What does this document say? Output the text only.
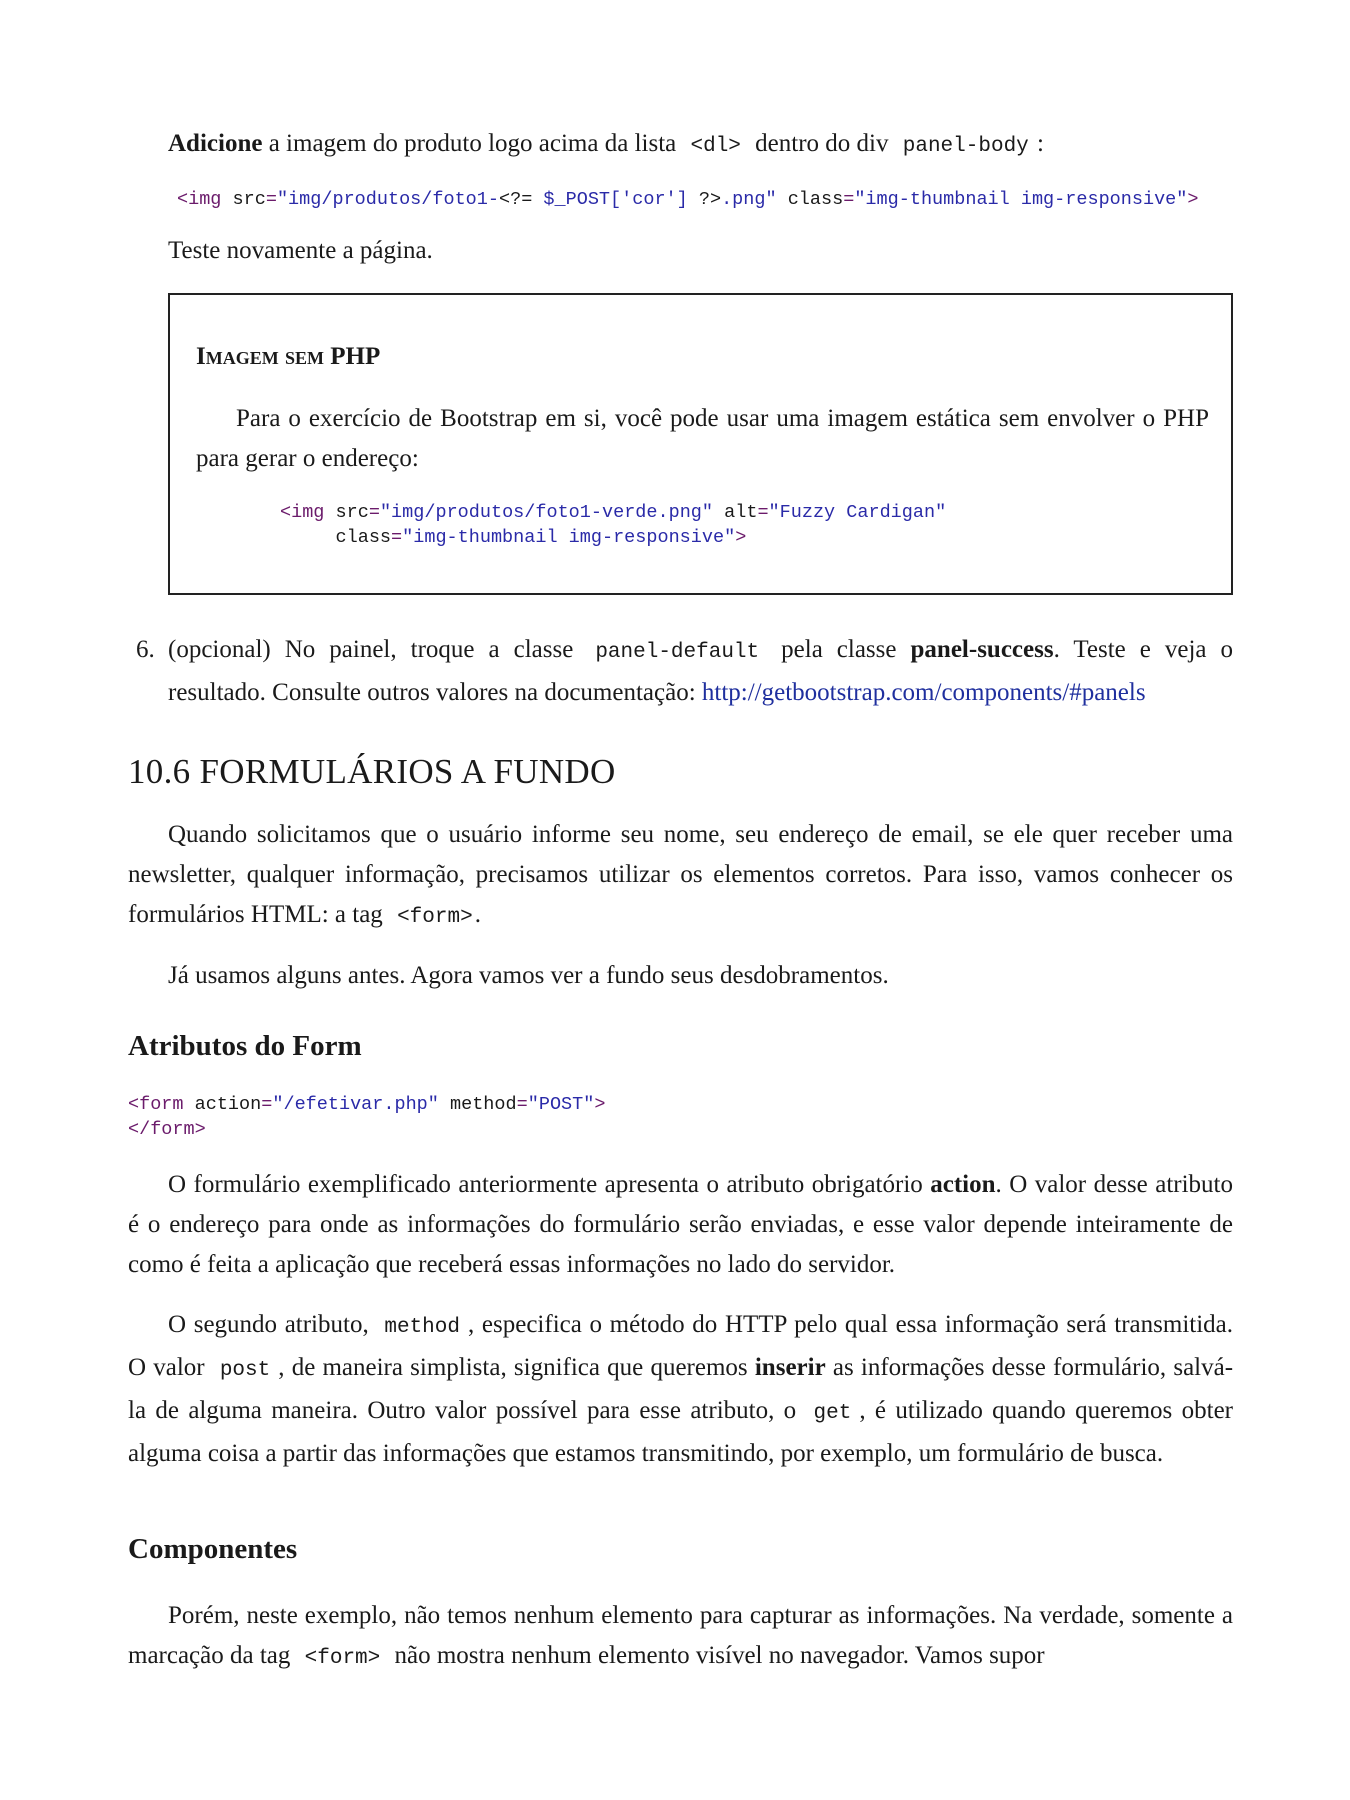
Adicione a imagem do produto logo acima da lista <dl> dentro do div panel-body :

<img src="img/produtos/foto1-<?= $_POST['cor'] ?>.png" class="img-thumbnail img-responsive">

Teste novamente a página.

Imagem sem PHP

Para o exercício de Bootstrap em si, você pode usar uma imagem estática sem envolver o PHP para gerar o endereço:

<img src="img/produtos/foto1-verde.png" alt="Fuzzy Cardigan"
class="img-thumbnail img-responsive">
6. (opcional) No painel, troque a classe panel-default pela classe panel-success. Teste e veja o resultado. Consulte outros valores na documentação: http://getbootstrap.com/components/#panels

10.6 FORMULÁRIOS A FUNDO

Quando solicitamos que o usuário informe seu nome, seu endereço de email, se ele quer receber uma newsletter, qualquer informação, precisamos utilizar os elementos corretos. Para isso, vamos conhecer os formulários HTML: a tag <form>.

Já usamos alguns antes. Agora vamos ver a fundo seus desdobramentos.

Atributos do Form
<form action="/efetivar.php" method="POST">
</form>

O formulário exemplificado anteriormente apresenta o atributo obrigatório action. O valor desse atributo é o endereço para onde as informações do formulário serão enviadas, e esse valor depende inteiramente de como é feita a aplicação que receberá essas informações no lado do servidor.

O segundo atributo, method , especifica o método do HTTP pelo qual essa informação será transmitida. O valor post , de maneira simplista, significa que queremos inserir as informações desse formulário, salvá-la de alguma maneira. Outro valor possível para esse atributo, o get , é utilizado quando queremos obter alguma coisa a partir das informações que estamos transmitindo, por exemplo, um formulário de busca.

Componentes

Porém, neste exemplo, não temos nenhum elemento para capturar as informações. Na verdade, somente a marcação da tag <form> não mostra nenhum elemento visível no navegador. Vamos supor
